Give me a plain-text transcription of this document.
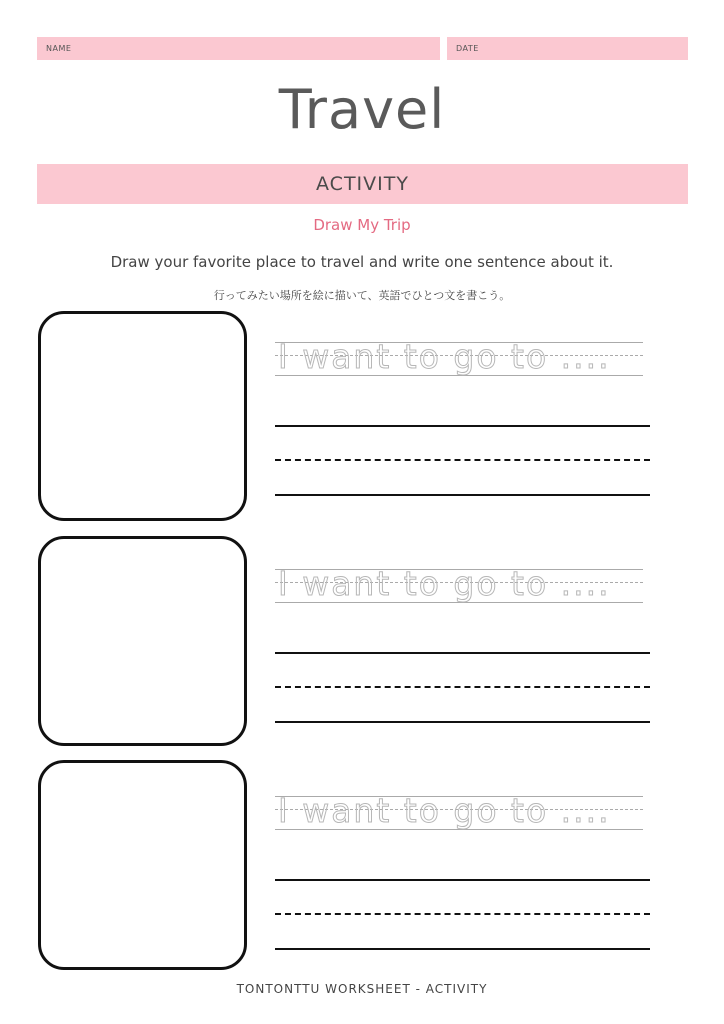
NAME	DATE
Travel
ACTIVITY
Draw My Trip
Draw your favorite place to travel and write one sentence about it.
行ってみたい場所を絵に描いて、英語でひとつ文を書こう。
I want to go to ....
I want to go to ....
I want to go to ....
TONTONTTU WORKSHEET - ACTIVITY
